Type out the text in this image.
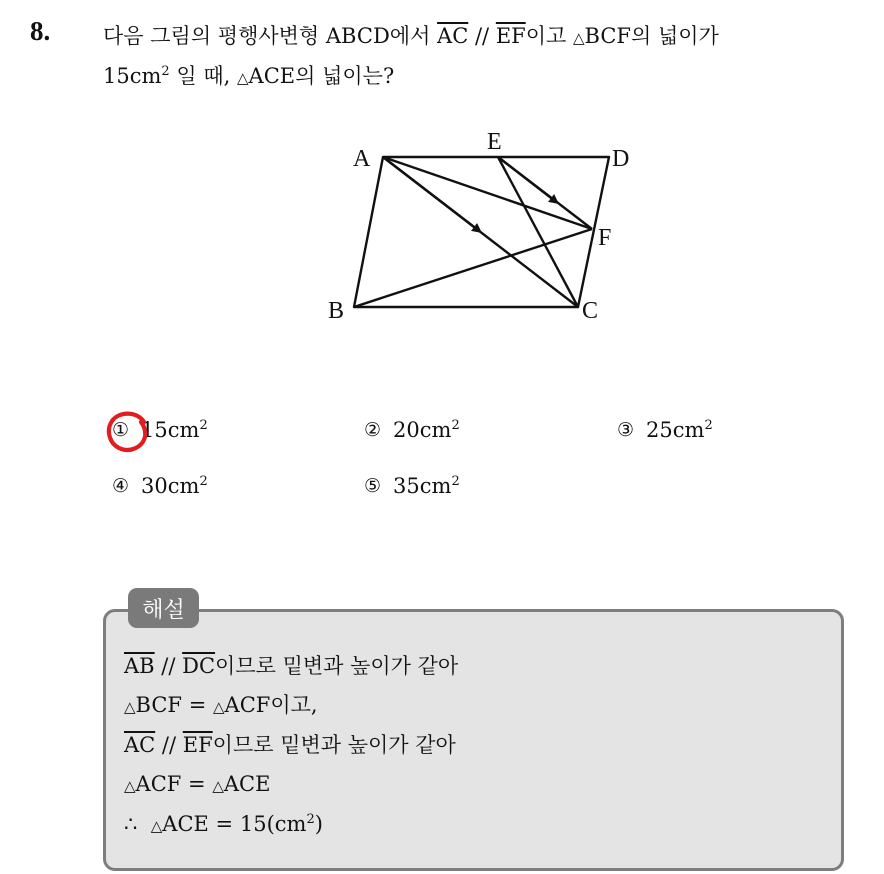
8.	다음 그림의 평행사변형 ABCD에서 $\overline{AC} // \overline{EF}$이고 △BCF의 넓이가
$15cm^2$ 일 때, △ACE의 넓이는?
A
E
D
F
B	C
① $15cm^2$	② $20cm^2$	③ $25cm^2$
④ $30cm^2$	⑤ $35cm^2$
해설
$\overline{AB} // \overline{DC}$이므로 밑변과 높이가 같아
△BCF = △ACF이고,
$\overline{AC} // \overline{EF}$이므로 밑변과 높이가 같아
△ACF = △ACE
∴ △ACE = $15(cm^2)$
